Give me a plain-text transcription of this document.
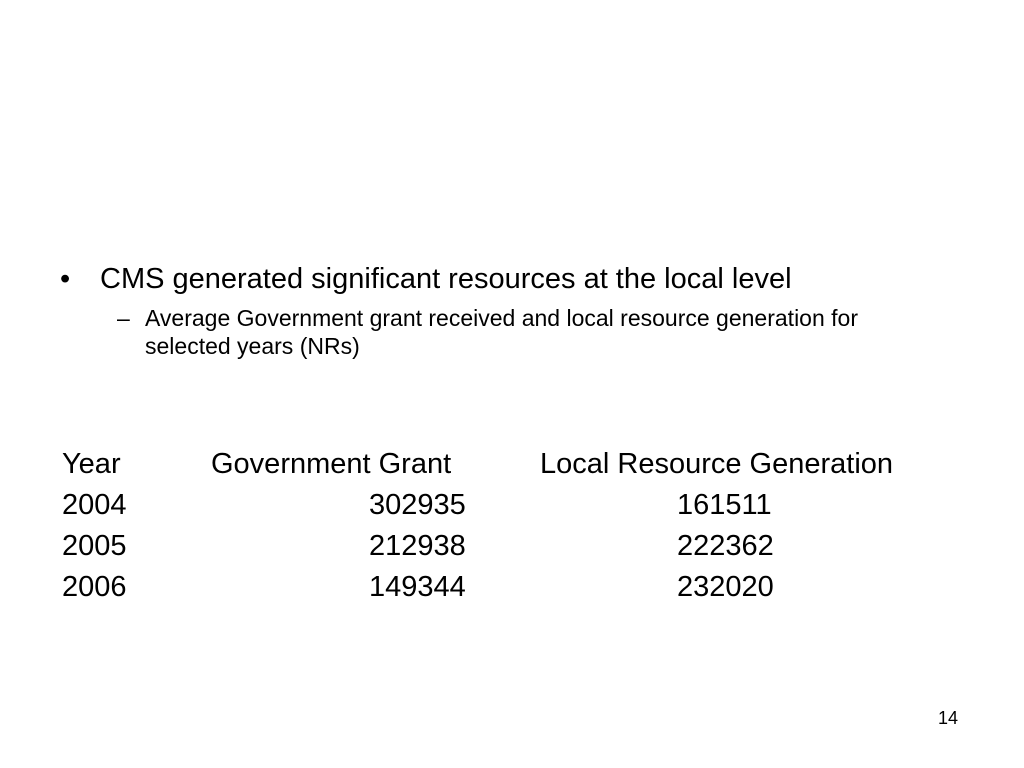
• CMS generated significant resources at the local level
– Average Government grant received and local resource generation for selected years (NRs)
Year	Government Grant	Local Resource Generation
2004	302935	161511
2005	212938	222362
2006	149344	232020
14
